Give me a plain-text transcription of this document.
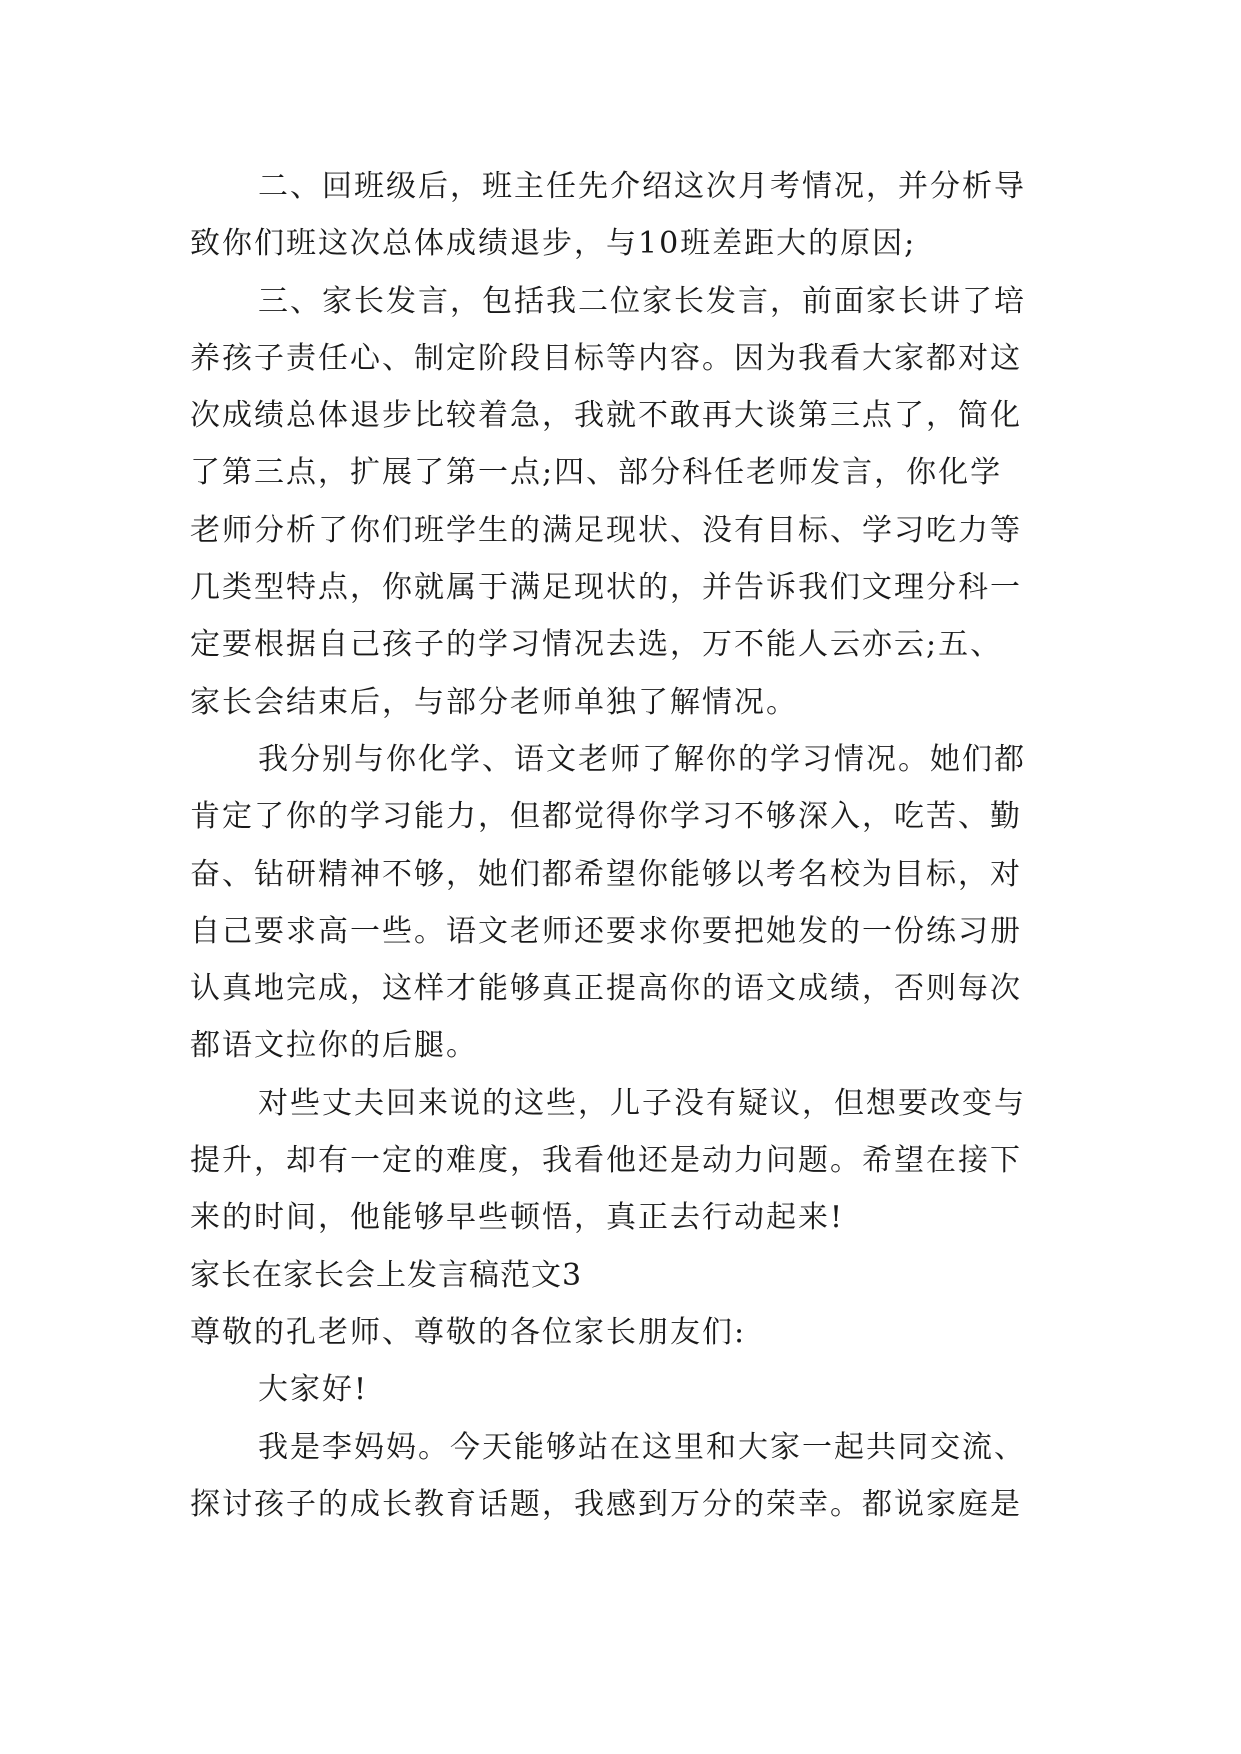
二、回班级后，班主任先介绍这次月考情况，并分析导
致你们班这次总体成绩退步，与10班差距大的原因;
三、家长发言，包括我二位家长发言，前面家长讲了培
养孩子责任心、制定阶段目标等内容。因为我看大家都对这
次成绩总体退步比较着急，我就不敢再大谈第三点了，简化
了第三点，扩展了第一点;四、部分科任老师发言，你化学
老师分析了你们班学生的满足现状、没有目标、学习吃力等
几类型特点，你就属于满足现状的，并告诉我们文理分科一
定要根据自己孩子的学习情况去选，万不能人云亦云;五、
家长会结束后，与部分老师单独了解情况。
我分别与你化学、语文老师了解你的学习情况。她们都
肯定了你的学习能力，但都觉得你学习不够深入，吃苦、勤
奋、钻研精神不够，她们都希望你能够以考名校为目标，对
自己要求高一些。语文老师还要求你要把她发的一份练习册
认真地完成，这样才能够真正提高你的语文成绩，否则每次
都语文拉你的后腿。
对些丈夫回来说的这些，儿子没有疑议，但想要改变与
提升，却有一定的难度，我看他还是动力问题。希望在接下
来的时间，他能够早些顿悟，真正去行动起来!
家长在家长会上发言稿范文3
尊敬的孔老师、尊敬的各位家长朋友们:
大家好!
我是李妈妈。今天能够站在这里和大家一起共同交流、
探讨孩子的成长教育话题，我感到万分的荣幸。都说家庭是
